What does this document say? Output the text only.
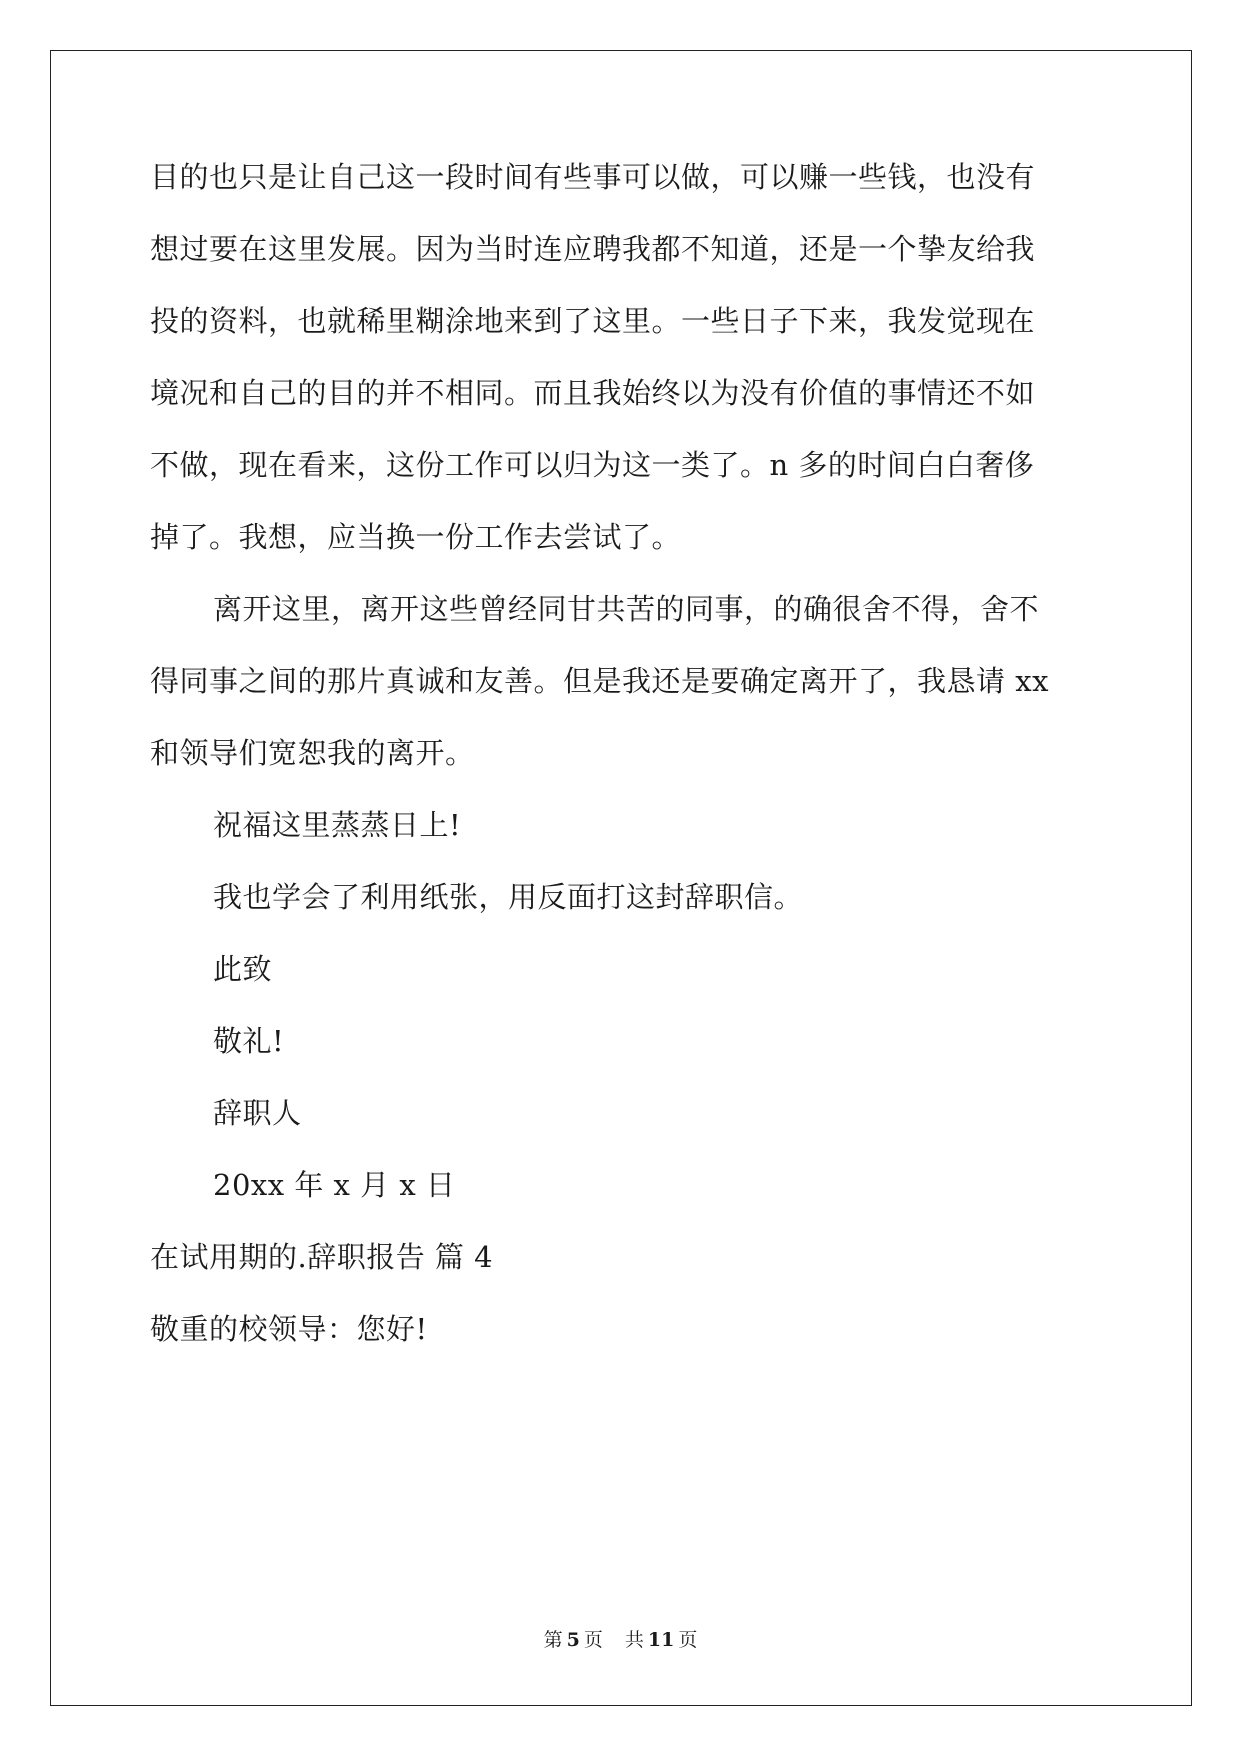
目的也只是让自己这一段时间有些事可以做，可以赚一些钱，也没有
想过要在这里发展。因为当时连应聘我都不知道，还是一个挚友给我
投的资料，也就稀里糊涂地来到了这里。一些日子下来，我发觉现在
境况和自己的目的并不相同。而且我始终以为没有价值的事情还不如
不做，现在看来，这份工作可以归为这一类了。n 多的时间白白奢侈
掉了。我想，应当换一份工作去尝试了。
离开这里，离开这些曾经同甘共苦的同事，的确很舍不得，舍不
得同事之间的那片真诚和友善。但是我还是要确定离开了，我恳请 xx
和领导们宽恕我的离开。
祝福这里蒸蒸日上!
我也学会了利用纸张，用反面打这封辞职信。
此致
敬礼!
辞职人
20xx 年 x 月 x 日
在试用期的.辞职报告 篇 4
敬重的校领导：您好!
第 5 页 共 11 页
